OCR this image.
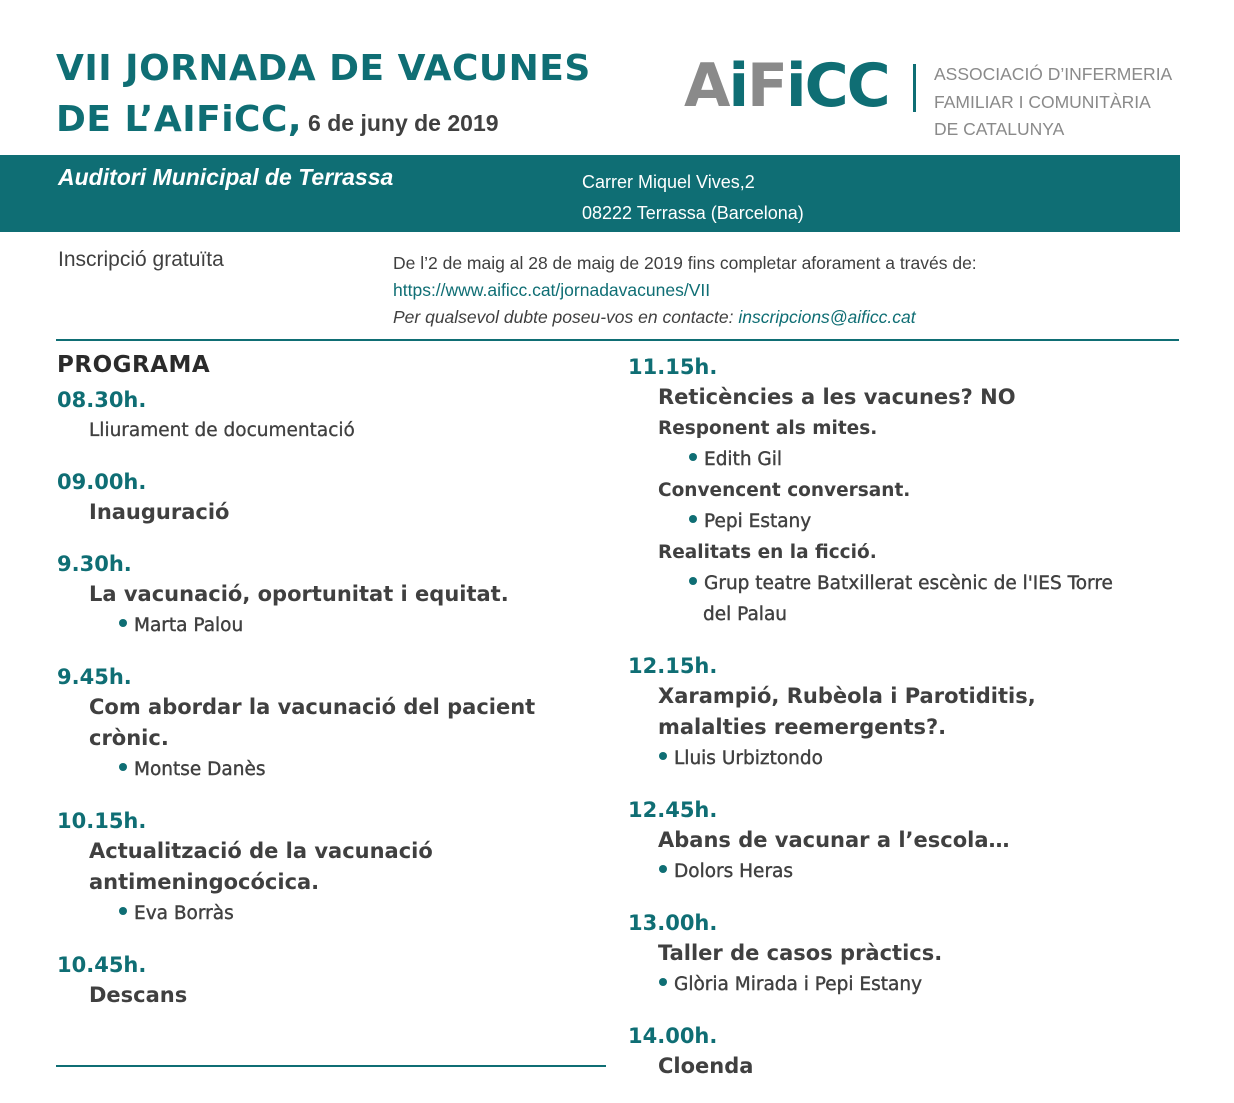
VII JORNADA DE VACUNES
DE L’AIFiCC, 6 de juny de 2019
AiFiCC	ASSOCIACIÓ D’INFERMERIA
FAMILIAR I COMUNITÀRIA
DE CATALUNYA
Auditori Municipal de Terrassa	Carrer Miquel Vives,2
08222 Terrassa (Barcelona)
Inscripció gratuïta	De l’2 de maig al 28 de maig de 2019 fins completar aforament a través de:
https://www.aificc.cat/jornadavacunes/VII
Per qualsevol dubte poseu-vos en contacte: inscripcions@aificc.cat
PROGRAMA
08.30h.
Lliurament de documentació
09.00h.
Inauguració
9.30h.
La vacunació, oportunitat i equitat.
Marta Palou
9.45h.
Com abordar la vacunació del pacient
crònic.
Montse Danès
10.15h.
Actualització de la vacunació
antimeningocócica.
Eva Borràs
10.45h.
Descans
11.15h.
Reticències a les vacunes? NO
Responent als mites.
Edith Gil
Convencent conversant.
Pepi Estany
Realitats en la ficció.
Grup teatre Batxillerat escènic de l'IES Torre
del Palau
12.15h.
Xarampió, Rubèola i Parotiditis,
malalties reemergents?.
Lluis Urbiztondo
12.45h.
Abans de vacunar a l’escola…
Dolors Heras
13.00h.
Taller de casos pràctics.
Glòria Mirada i Pepi Estany
14.00h.
Cloenda
